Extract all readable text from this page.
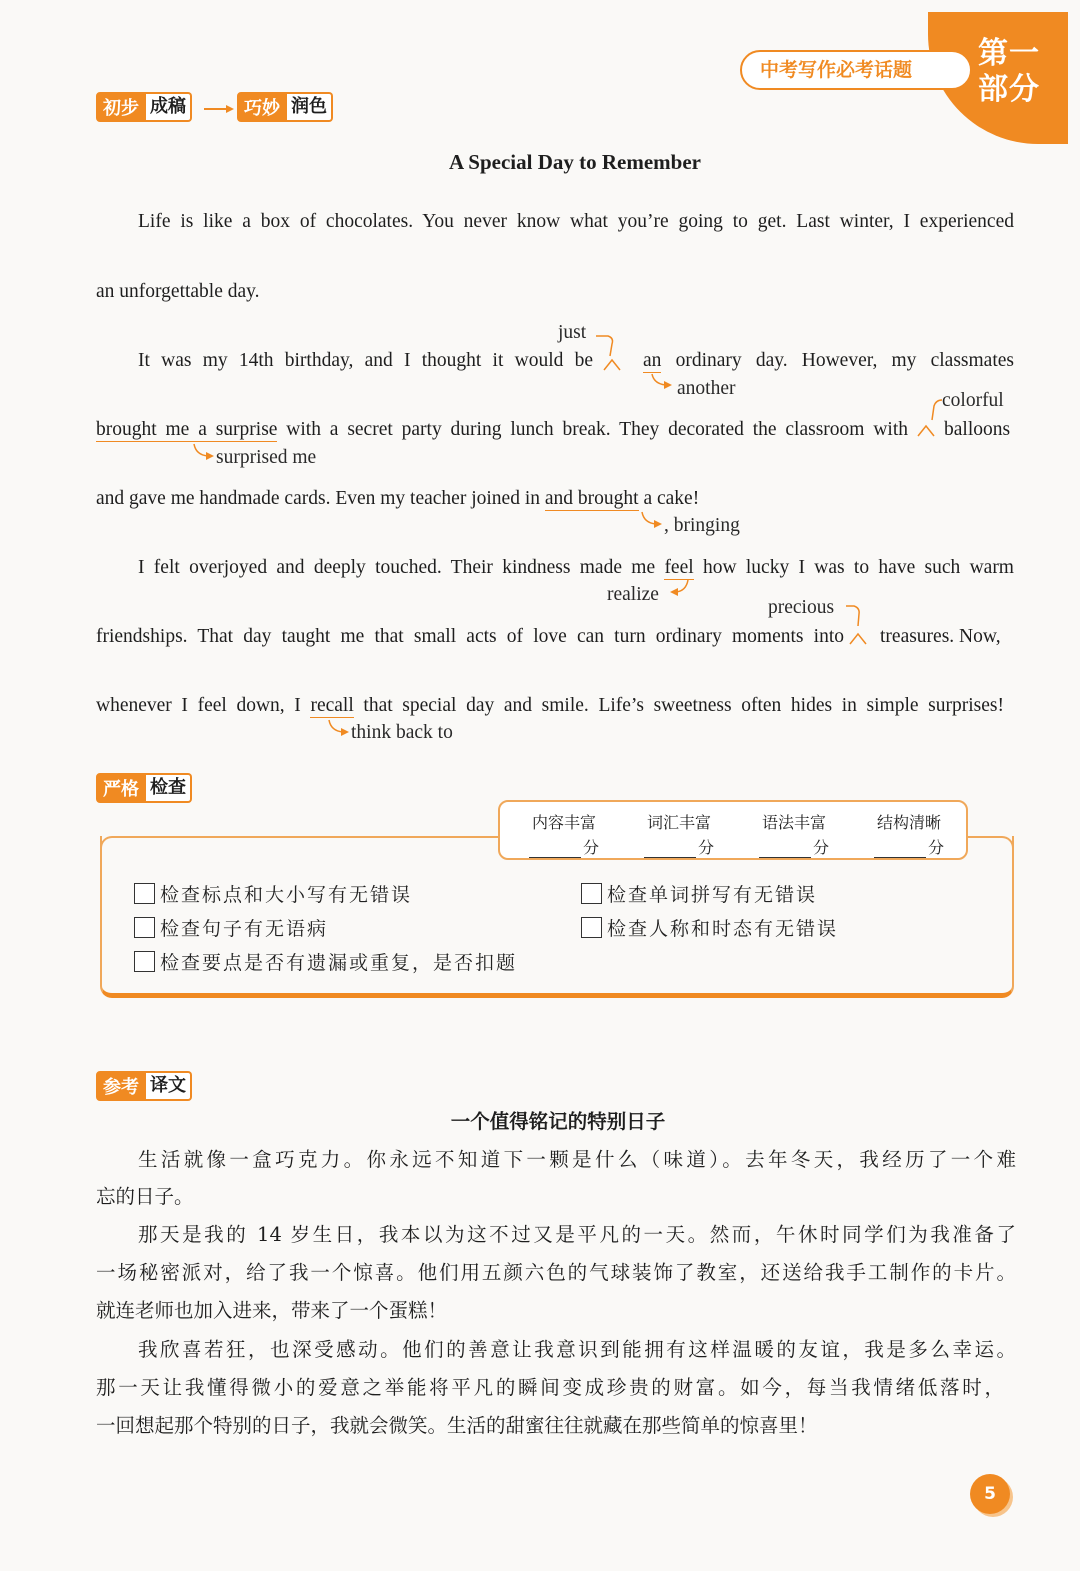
第一
部分
中考写作必考话题
初步 成稿	巧妙 润色
A Special Day to Remember
Life is like a box of chocolates. You never know what you’re going to get. Last winter, I experienced
an unforgettable day.
It was my 14th birthday, and I thought it would be	an ordinary day. However, my classmates
just
another
colorful
brought me a surprise with a secret party during lunch break. They decorated the classroom with balloons
surprised me
and gave me handmade cards. Even my teacher joined in and brought a cake!
, bringing
I felt overjoyed and deeply touched. Their kindness made me feel how lucky I was to have such warm
realize
precious
friendships. That day taught me that small acts of love can turn ordinary moments into treasures. Now,
whenever I feel down, I recall that special day and smile. Life’s sweetness often hides in simple surprises!
think back to
严格 检查
内容丰富
分
词汇丰富
分
语法丰富
分
结构清晰
分
检查标点和大小写有无错误
检查句子有无语病
检查要点是否有遗漏或重复，是否扣题
检查单词拼写有无错误
检查人称和时态有无错误
参考 译文
一个值得铭记的特别日子
生活就像一盒巧克力。你永远不知道下一颗是什么（味道）。去年冬天，我经历了一个难
忘的日子。
那天是我的 14 岁生日，我本以为这不过又是平凡的一天。然而，午休时同学们为我准备了
一场秘密派对，给了我一个惊喜。他们用五颜六色的气球装饰了教室，还送给我手工制作的卡片。
就连老师也加入进来，带来了一个蛋糕！
我欣喜若狂，也深受感动。他们的善意让我意识到能拥有这样温暖的友谊，我是多么幸运。
那一天让我懂得微小的爱意之举能将平凡的瞬间变成珍贵的财富。如今，每当我情绪低落时，
一回想起那个特别的日子，我就会微笑。生活的甜蜜往往就藏在那些简单的惊喜里！
5
